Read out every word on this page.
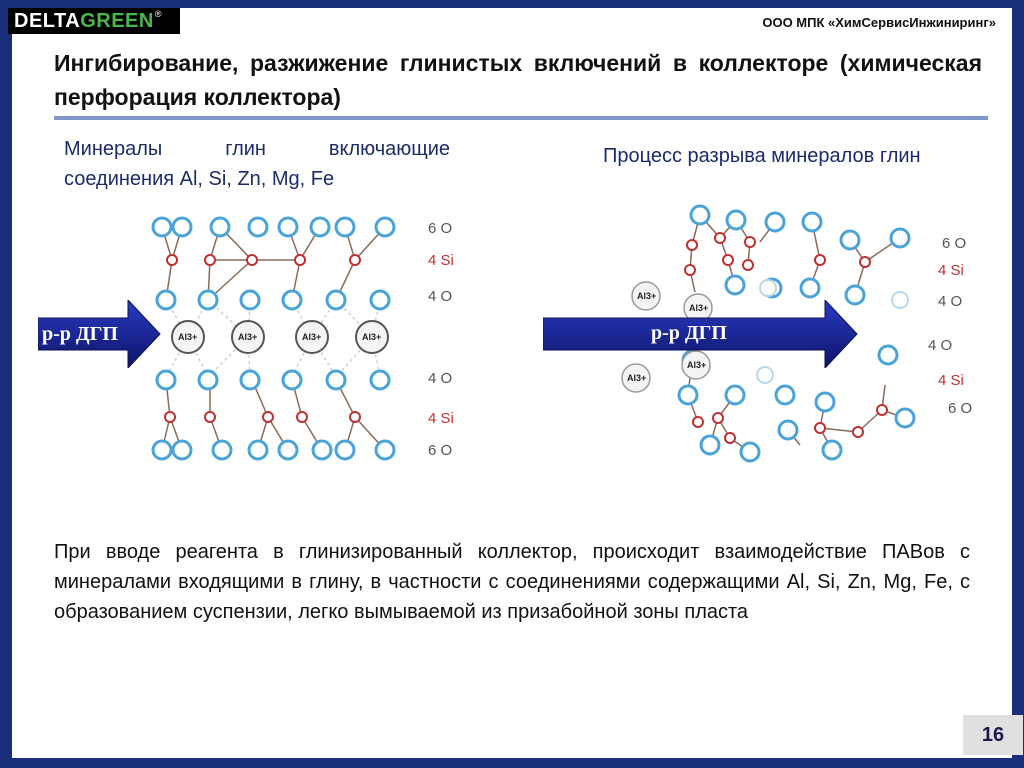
DELTA GREEN ®
ООО МПК «ХимСервисИнжиниринг»
Ингибирование, разжижение глинистых включений в коллекторе (химическая перфорация коллектора)
Минералы глин включающие соединения Al, Si, Zn, Mg, Fe
Процесс разрыва минералов глин
Al3+	Al3+	Al3+	Al3+
6 O
4 Si
4 O
4 O
4 Si
6 O
р-р ДГП
Al3+
Al3+
Al3+
Al3+
6 O
4 Si
4 O
4 O
4 Si
6 O
р-р ДГП
При вводе реагента в глинизированный коллектор, происходит взаимодействие ПАВов с минералами входящими в глину, в частности с соединениями содержащими Al, Si, Zn, Mg, Fe, с образованием суспензии, легко вымываемой из призабойной зоны пласта
16
